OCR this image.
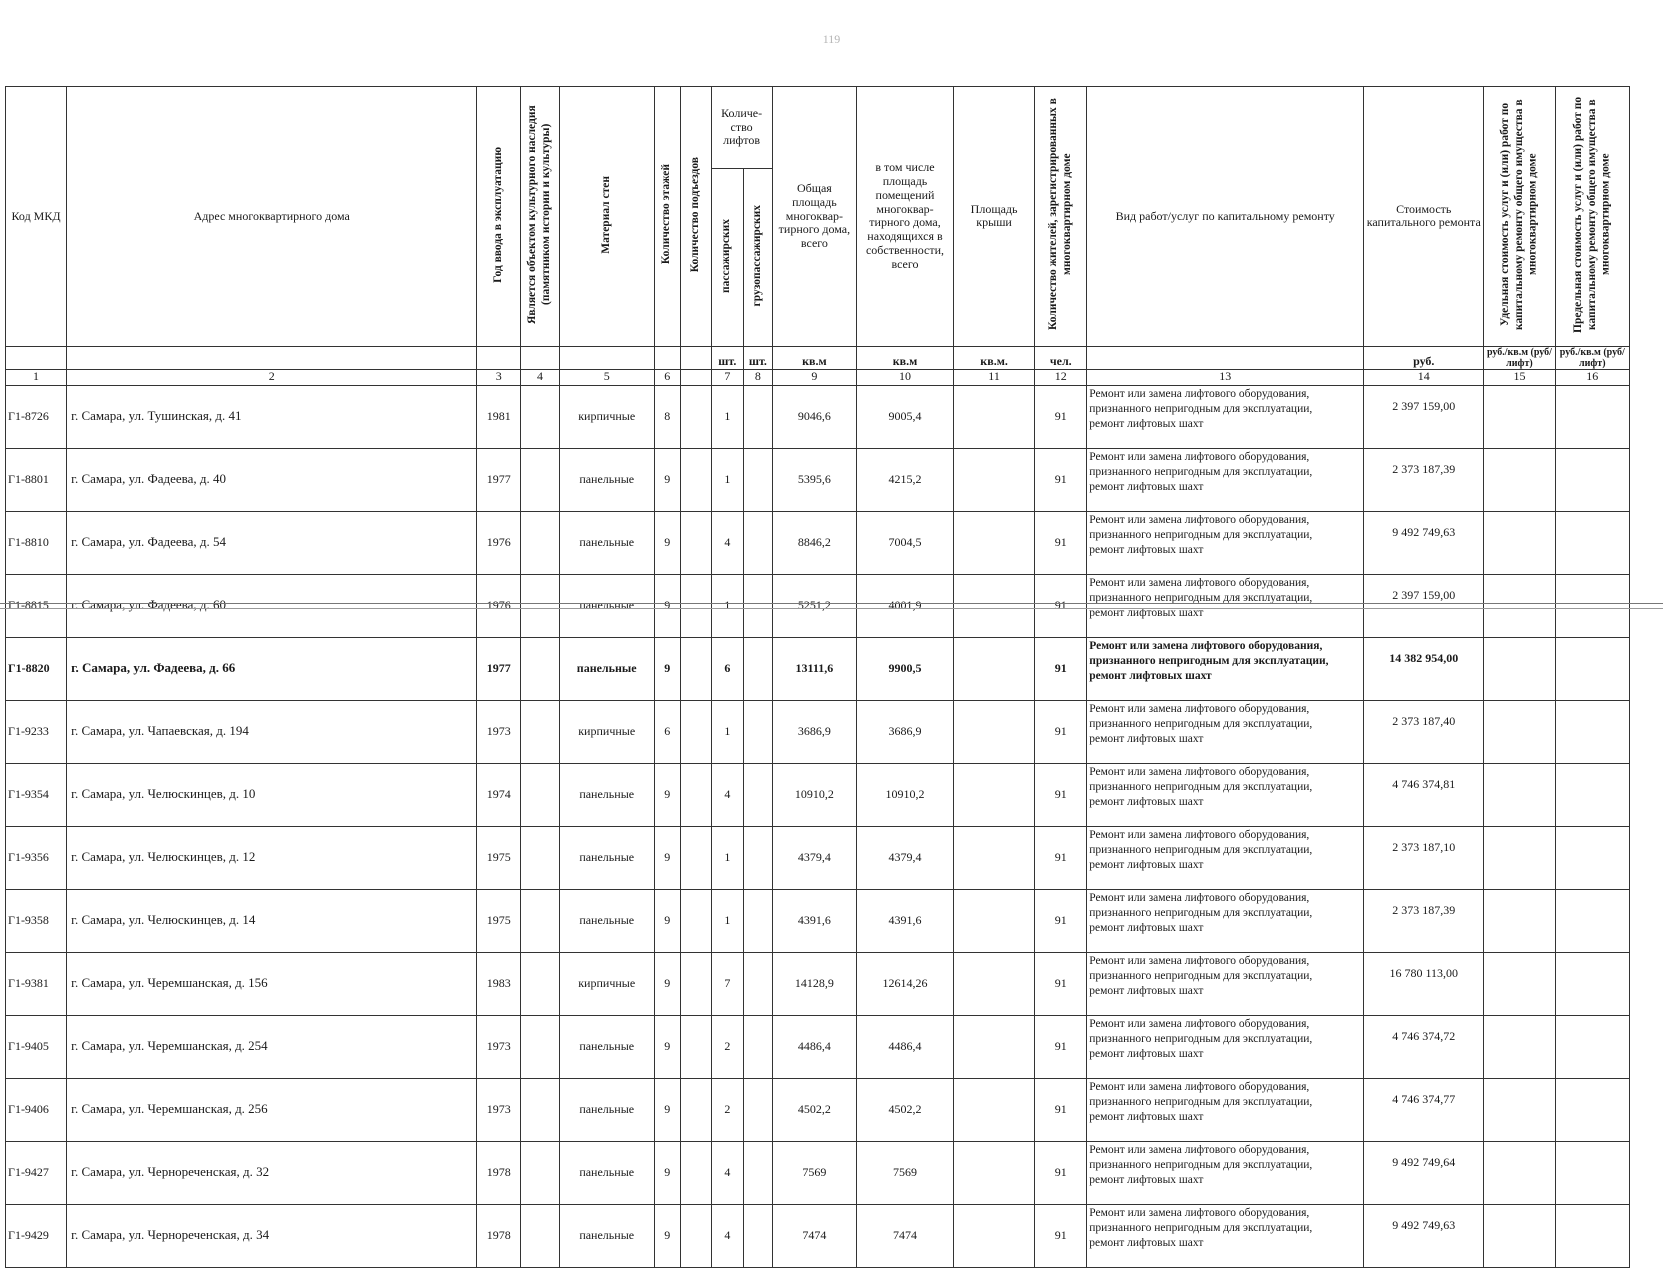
119
Код МКД	Адрес многоквартирного дома	Год ввода в эксплуатацию	Является объектом культурного наследия (памятником истории и культуры)	Материал стен	Количество этажей	Количество подъездов	Количе-ство лифтов		Общая площадь многоквар-тирного дома, всего	в том числе площадь помещений многоквар-тирного дома, находящихся в собственности, всего	Площадь крыши	Количество жителей, зарегистрированных в многоквартирном доме	Вид работ/услуг по капитальному ремонту	Стоимость капитального ремонта	Удельная стоимость услуг и (или) работ по капитальному ремонту общего имущества в многоквартирном доме	Предельная стоимость услуг и (или) работ по капитальному ремонту общего имущества в многоквартирном доме
							пассажирских	грузопассажирских								
							шт.	шт.	кв.м	кв.м	кв.м.	чел.		руб.	руб./кв.м (руб/лифт)	руб./кв.м (руб/лифт)
1	2	3	4	5	6		7	8	9	10	11	12	13	14	15	16
Г1-8726	г. Самара, ул. Тушинская, д. 41	1981		кирпичные	8		1		9046,6	9005,4		91	Ремонт или замена лифтового оборудования,
признанного непригодным для эксплуатации,
ремонт лифтовых шахт	2 397 159,00		
Г1-8801	г. Самара, ул. Фадеева, д. 40	1977		панельные	9		1		5395,6	4215,2		91	Ремонт или замена лифтового оборудования,
признанного непригодным для эксплуатации,
ремонт лифтовых шахт	2 373 187,39		
Г1-8810	г. Самара, ул. Фадеева, д. 54	1976		панельные	9		4		8846,2	7004,5		91	Ремонт или замена лифтового оборудования,
признанного непригодным для эксплуатации,
ремонт лифтовых шахт	9 492 749,63		
Г1-8815	г. Самара, ул. Фадеева, д. 60	1976		панельные	9		1		5251,2	4001,9		91	Ремонт или замена лифтового оборудования,
признанного непригодным для эксплуатации,
ремонт лифтовых шахт	2 397 159,00		
Г1-8820	г. Самара, ул. Фадеева, д. 66	1977		панельные	9		6		13111,6	9900,5		91	Ремонт или замена лифтового оборудования,
признанного непригодным для эксплуатации,
ремонт лифтовых шахт	14 382 954,00		
Г1-9233	г. Самара, ул. Чапаевская, д. 194	1973		кирпичные	6		1		3686,9	3686,9		91	Ремонт или замена лифтового оборудования,
признанного непригодным для эксплуатации,
ремонт лифтовых шахт	2 373 187,40		
Г1-9354	г. Самара, ул. Челюскинцев, д. 10	1974		панельные	9		4		10910,2	10910,2		91	Ремонт или замена лифтового оборудования,
признанного непригодным для эксплуатации,
ремонт лифтовых шахт	4 746 374,81		
Г1-9356	г. Самара, ул. Челюскинцев, д. 12	1975		панельные	9		1		4379,4	4379,4		91	Ремонт или замена лифтового оборудования,
признанного непригодным для эксплуатации,
ремонт лифтовых шахт	2 373 187,10		
Г1-9358	г. Самара, ул. Челюскинцев, д. 14	1975		панельные	9		1		4391,6	4391,6		91	Ремонт или замена лифтового оборудования,
признанного непригодным для эксплуатации,
ремонт лифтовых шахт	2 373 187,39		
Г1-9381	г. Самара, ул. Черемшанская, д. 156	1983		кирпичные	9		7		14128,9	12614,26		91	Ремонт или замена лифтового оборудования,
признанного непригодным для эксплуатации,
ремонт лифтовых шахт	16 780 113,00		
Г1-9405	г. Самара, ул. Черемшанская, д. 254	1973		панельные	9		2		4486,4	4486,4		91	Ремонт или замена лифтового оборудования,
признанного непригодным для эксплуатации,
ремонт лифтовых шахт	4 746 374,72		
Г1-9406	г. Самара, ул. Черемшанская, д. 256	1973		панельные	9		2		4502,2	4502,2		91	Ремонт или замена лифтового оборудования,
признанного непригодным для эксплуатации,
ремонт лифтовых шахт	4 746 374,77		
Г1-9427	г. Самара, ул. Чернореченская, д. 32	1978		панельные	9		4		7569	7569		91	Ремонт или замена лифтового оборудования,
признанного непригодным для эксплуатации,
ремонт лифтовых шахт	9 492 749,64		
Г1-9429	г. Самара, ул. Чернореченская, д. 34	1978		панельные	9		4		7474	7474		91	Ремонт или замена лифтового оборудования,
признанного непригодным для эксплуатации,
ремонт лифтовых шахт	9 492 749,63		
